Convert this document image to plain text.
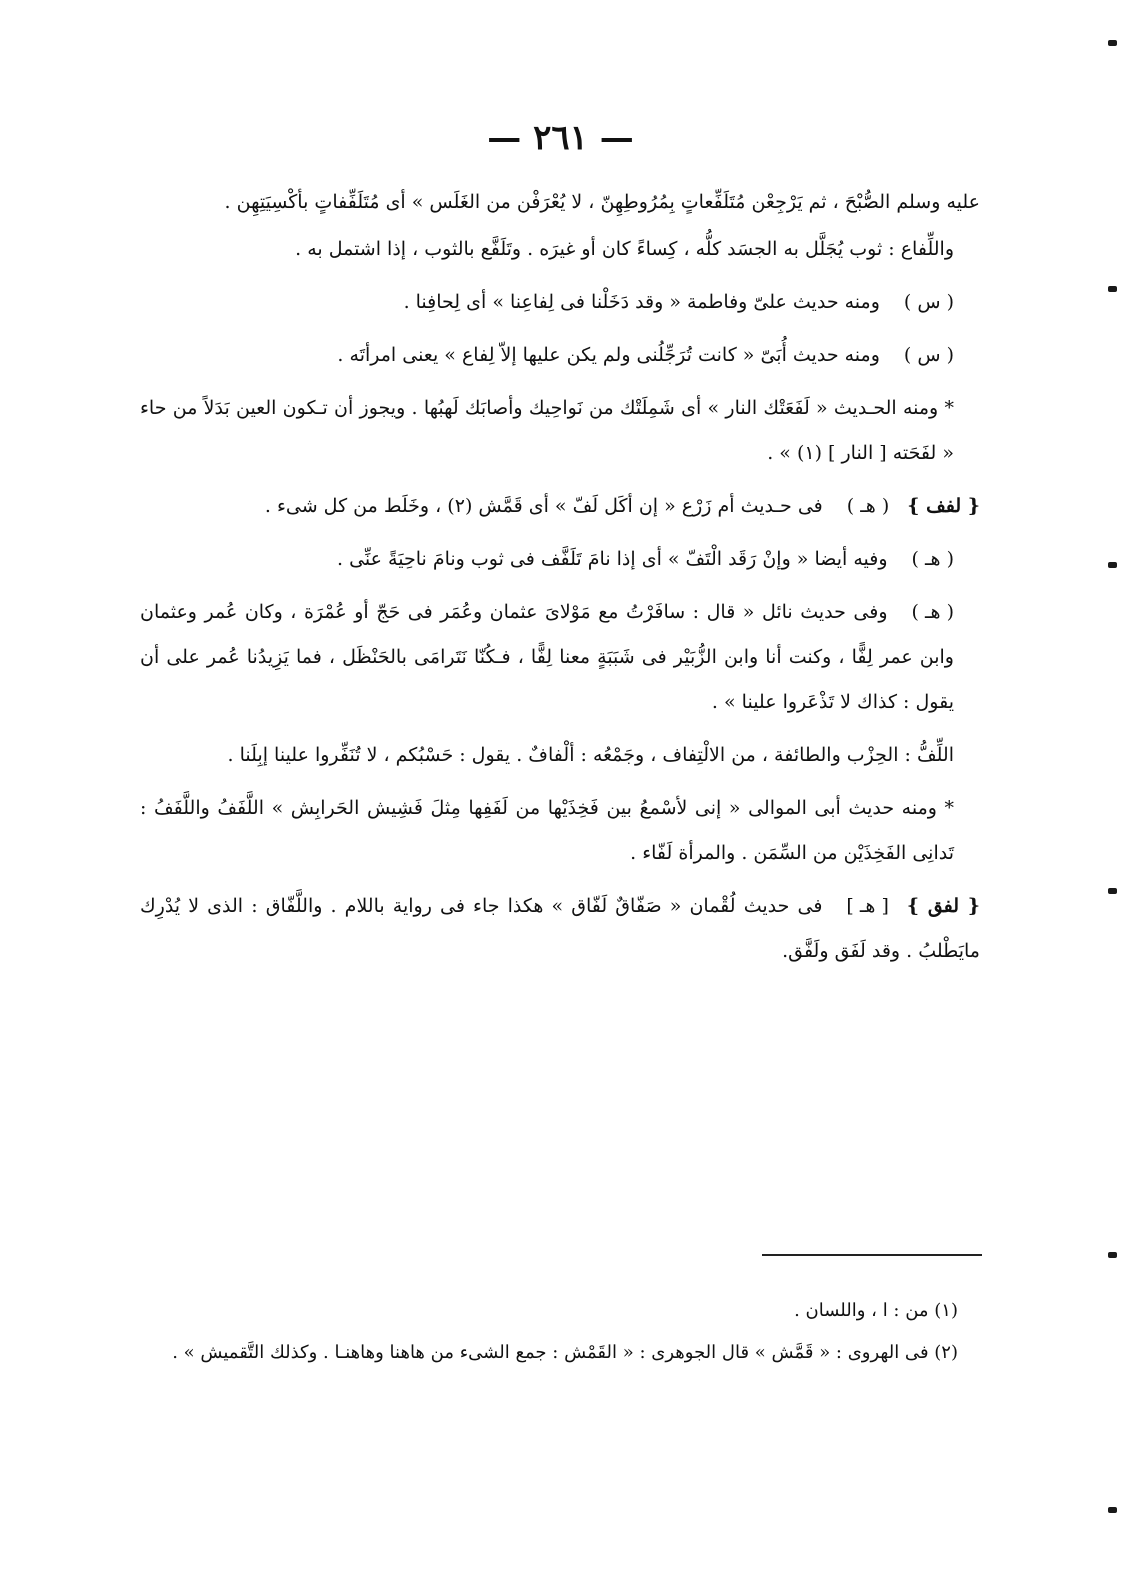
— ٢٦١ —

عليه وسلم الصُّبْحَ ، ثم يَرْجِعْن مُتَلَفِّعاتٍ بِمُرُوطِهِنّ ، لا يُعْرَفْن من الغَلَس » أى مُتَلَفِّفاتٍ بأكْسِيَتِهِن .

واللِّفاع : ثوب يُجَلَّل به الجسَد كلُّه ، كِساءً كان أو غيرَه . وتَلَفَّع بالثوب ، إذا اشتمل به .

( س )ومنه حديث علىّ وفاطمة « وقد دَخَلْنا فى لِفاعِنا » أى لِحافِنا .

( س )ومنه حديث أُبَىّ « كانت تُرَجِّلُنى ولم يكن عليها إلاّ لِفاع » يعنى امرأتَه .

* ومنه الحـديث « لَفَعَتْك النار » أى شَمِلَتْك من نَواحِيك وأصابَك لَهبُها . ويجوز أن تـكون العين بَدَلاً من حاء « لفَحَته [ النار ] (١) » .

{ لفف }( هـ )فى حـديث أم زَرْع « إن أكَل لَفّ » أى قَمَّش (٢) ، وخَلَط من كل شىء .

( هـ )وفيه أيضا « وإنْ رَقَد الْتَفّ » أى إذا نامَ تَلَفَّف فى ثوب ونامَ ناحِيَةً عنِّى .

( هـ )وفى حديث نائل « قال : سافَرْتُ مع مَوْلاىَ عثمان وعُمَر فى حَجّ أو عُمْرَة ، وكان عُمر وعثمان وابن عمر لِفًّا ، وكنت أنا وابن الزُّبَيْر فى شَبَبَةٍ معنا لِفًّا ، فـكُنّا نَتَرامَى بالحَنْظَل ، فما يَزِيدُنا عُمر على أن يقول : كذاك لا تَذْعَروا علينا » .

اللِّفُّ : الحِزْب والطائفة ، من الالْتِفاف ، وجَمْعُه : ألْفافٌ . يقول : حَسْبُكم ، لا تُنَفِّروا علينا إبِلَنا .

* ومنه حديث أبى الموالى « إنى لأسْمعُ بين فَخِذَيْها من لَفَفِها مِثلَ فَشِيش الحَرابِش » اللَّفَفُ واللَّفَفُ : تَدانِى الفَخِذَيْن من السِّمَن . والمرأة لَفّاء .

{ لفق }[ هـ ]فى حديث لُقْمان « صَفّاقٌ لَفّاق » هكذا جاء فى رواية باللام . واللَّفّاق : الذى لا يُدْرِك مايَطْلبُ . وقد لَفَق ولَفَّق.

(١) من : ا ، واللسان .

(٢) فى الهروى : « قَمَّش » قال الجوهرى : « القَمْش : جمع الشىء من هاهنا وهاهنـا . وكذلك التَّقميش » .
